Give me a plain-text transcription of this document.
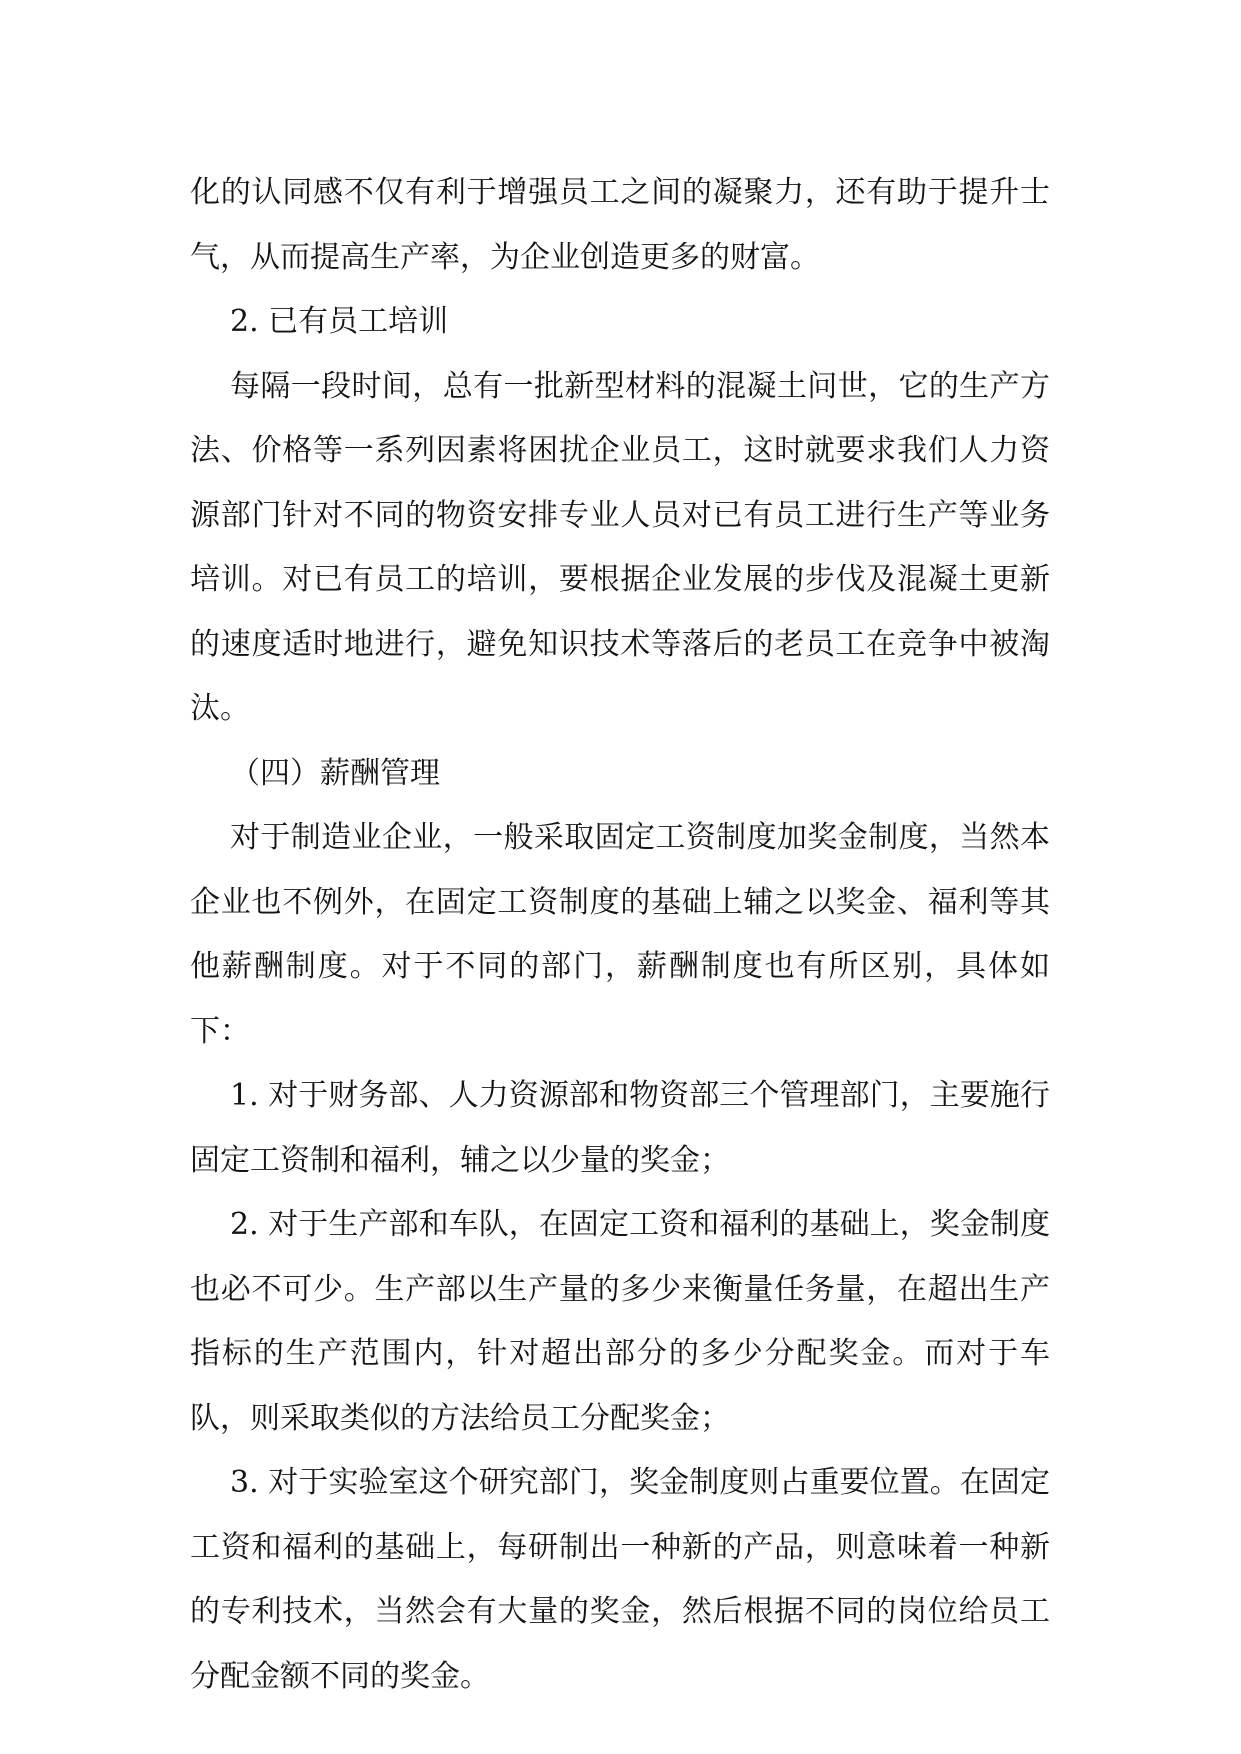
化的认同感不仅有利于增强员工之间的凝聚力，还有助于提升士气，从而提高生产率，为企业创造更多的财富。

2. 已有员工培训

每隔一段时间，总有一批新型材料的混凝土问世，它的生产方法、价格等一系列因素将困扰企业员工，这时就要求我们人力资源部门针对不同的物资安排专业人员对已有员工进行生产等业务培训。对已有员工的培训，要根据企业发展的步伐及混凝土更新的速度适时地进行，避免知识技术等落后的老员工在竞争中被淘汰。

（四）薪酬管理

对于制造业企业，一般采取固定工资制度加奖金制度，当然本企业也不例外，在固定工资制度的基础上辅之以奖金、福利等其他薪酬制度。对于不同的部门，薪酬制度也有所区别，具体如下：

1. 对于财务部、人力资源部和物资部三个管理部门，主要施行固定工资制和福利，辅之以少量的奖金；

2. 对于生产部和车队，在固定工资和福利的基础上，奖金制度也必不可少。生产部以生产量的多少来衡量任务量，在超出生产指标的生产范围内，针对超出部分的多少分配奖金。而对于车队，则采取类似的方法给员工分配奖金；

3. 对于实验室这个研究部门，奖金制度则占重要位置。在固定工资和福利的基础上，每研制出一种新的产品，则意味着一种新的专利技术，当然会有大量的奖金，然后根据不同的岗位给员工分配金额不同的奖金。
